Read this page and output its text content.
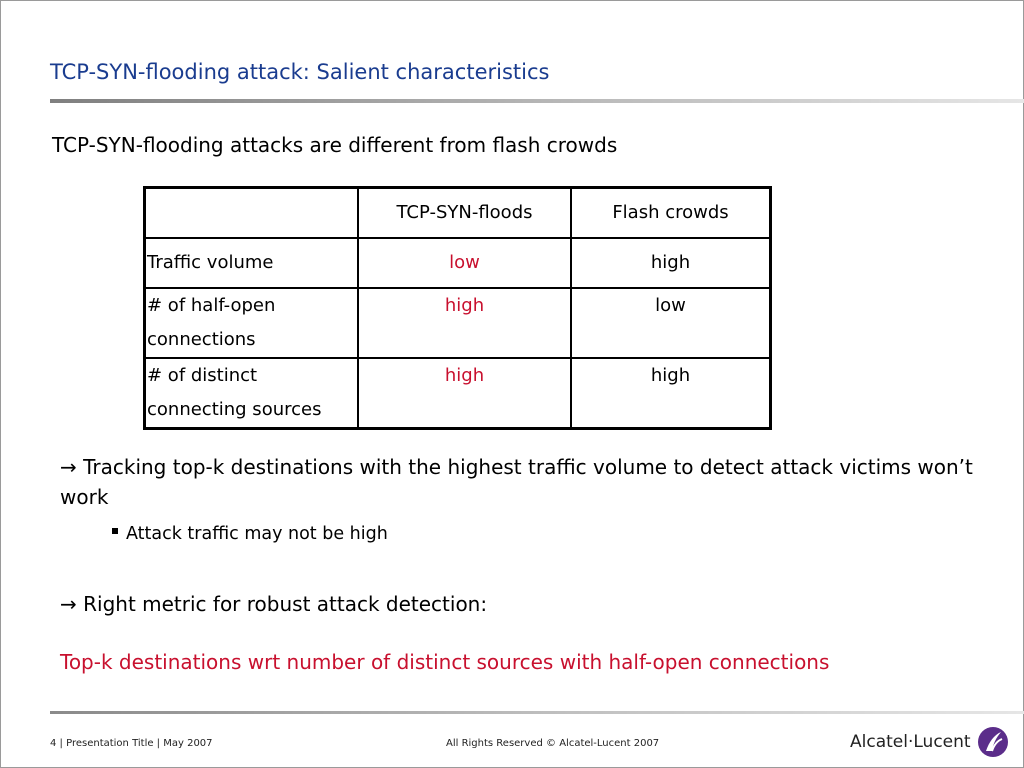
TCP-SYN-flooding attack: Salient characteristics
TCP-SYN-flooding attacks are different from flash crowds
	TCP-SYN-floods	Flash crowds
Traffic volume	low	high
# of half-open
connections	high	low
# of distinct
connecting sources	high	high
→ Tracking top-k destinations with the highest traffic volume to detect attack victims won’t work
Attack traffic may not be high
→ Right metric for robust attack detection:
Top-k destinations wrt number of distinct sources with half-open connections
4 | Presentation Title | May 2007	All Rights Reserved © Alcatel-Lucent 2007	Alcatel·Lucent
